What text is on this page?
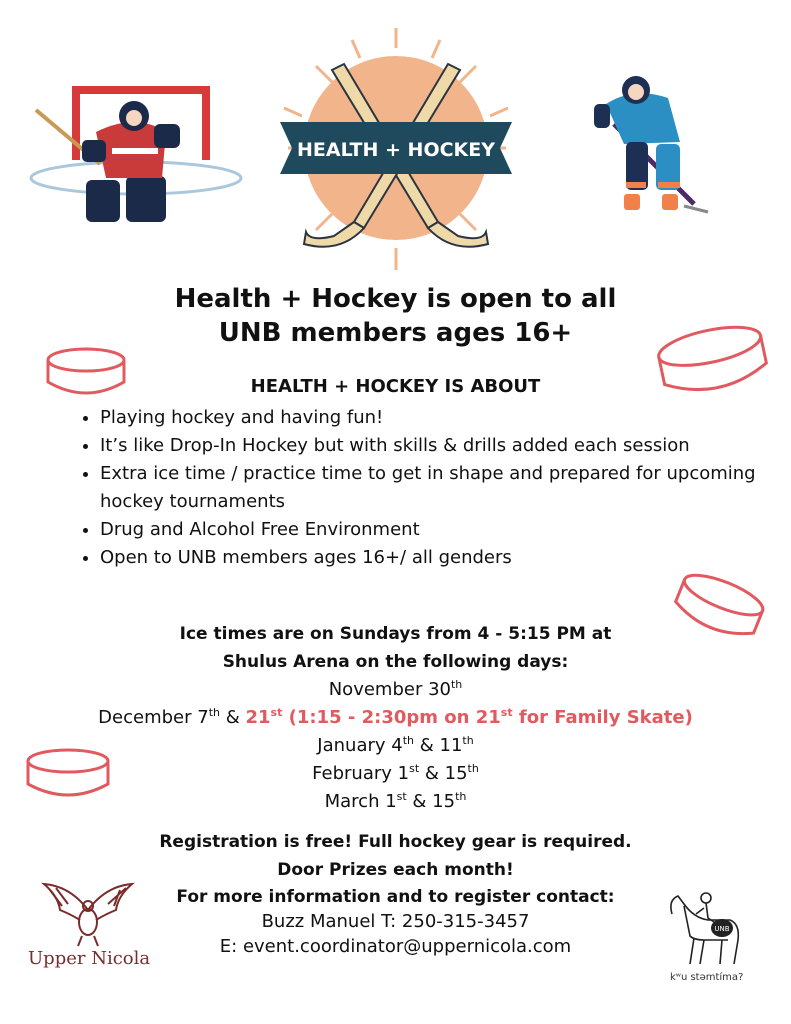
HEALTH + HOCKEY
Health + Hockey is open to all
UNB members ages 16+
HEALTH + HOCKEY IS ABOUT
• Playing hockey and having fun!
• It’s like Drop-In Hockey but with skills & drills added each session
• Extra ice time / practice time to get in shape and prepared for upcoming hockey tournaments
• Drug and Alcohol Free Environment
• Open to UNB members ages 16+/ all genders
Ice times are on Sundays from 4 - 5:15 PM at
Shulus Arena on the following days:
November 30th
December 7th & 21st (1:15 - 2:30pm on 21st for Family Skate)
January 4th & 11th
February 1st & 15th
March 1st & 15th
Registration is free! Full hockey gear is required.
Door Prizes each month!
For more information and to register contact:
Buzz Manuel T: 250-315-3457
E: event.coordinator@uppernicola.com
Upper Nicola
UNB
kʷu stəmtíma?
